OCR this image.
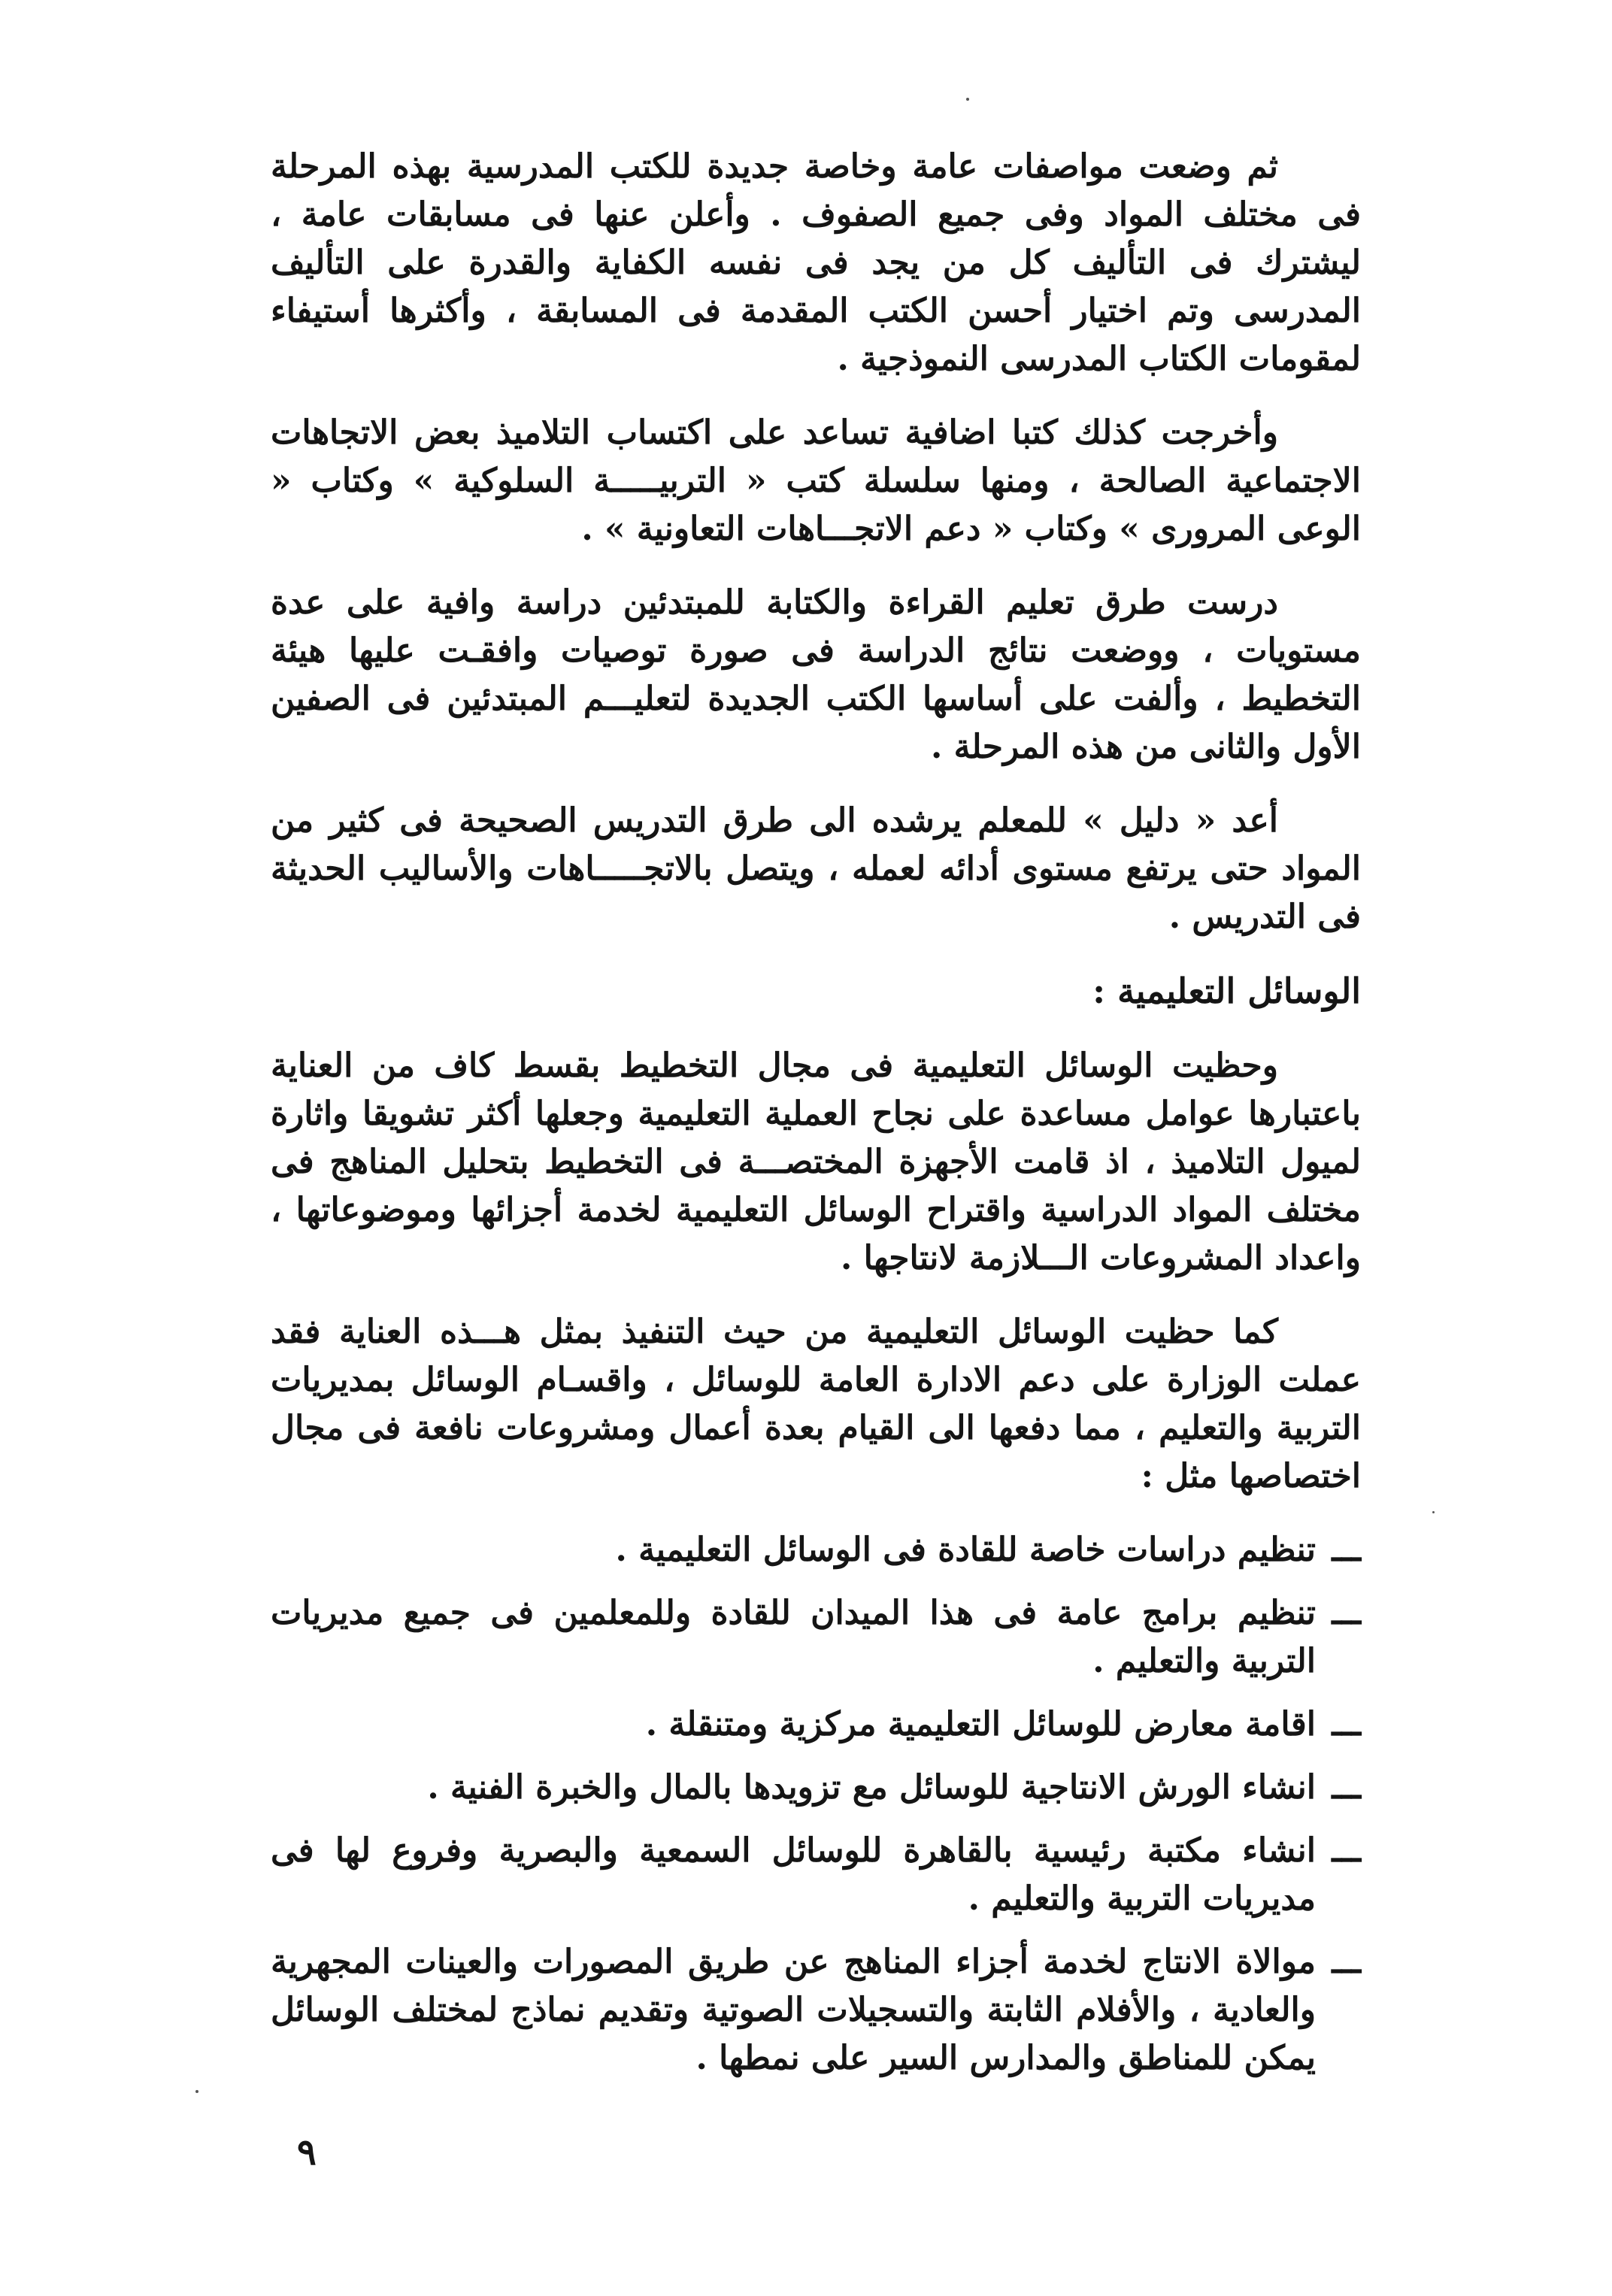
ثم وضعت مواصفات عامة وخاصة جديدة للكتب المدرسية بهذه المرحلة فى مختلف المواد وفى جميع الصفوف . وأعلن عنها فى مسابقات عامة ، ليشترك فى التأليف كل من يجد فى نفسه الكفاية والقدرة على التأليف المدرسى وتم اختيار أحسن الكتب المقدمة فى المسابقة ، وأكثرها أستيفاء لمقومات الكتاب المدرسى النموذجية .

وأخرجت كذلك كتبا اضافية تساعد على اكتساب التلاميذ بعض الاتجاهات الاجتماعية الصالحة ، ومنها سلسلة كتب « التربيـــــة السلوكية » وكتاب « الوعى المرورى » وكتاب « دعم الاتجـــاهات التعاونية » .

درست طرق تعليم القراءة والكتابة للمبتدئين دراسة وافية على عدة مستويات ، ووضعت نتائج الدراسة فى صورة توصيات وافقـت عليها هيئة التخطيط ، وألفت على أساسها الكتب الجديدة لتعليـــم المبتدئين فى الصفين الأول والثانى من هذه المرحلة .

أعد « دليل » للمعلم يرشده الى طرق التدريس الصحيحة فى كثير من المواد حتى يرتفع مستوى أدائه لعمله ، ويتصل بالاتجـــــاهات والأساليب الحديثة فى التدريس .

الوسائل التعليمية :

وحظيت الوسائل التعليمية فى مجال التخطيط بقسط كاف من العناية باعتبارها عوامل مساعدة على نجاح العملية التعليمية وجعلها أكثر تشويقا واثارة لميول التلاميذ ، اذ قامت الأجهزة المختصـــة فى التخطيط بتحليل المناهج فى مختلف المواد الدراسية واقتراح الوسائل التعليمية لخدمة أجزائها وموضوعاتها ، واعداد المشروعات الـــلازمة لانتاجها .

كما حظيت الوسائل التعليمية من حيث التنفيذ بمثل هـــذه العناية فقد عملت الوزارة على دعم الادارة العامة للوسائل ، واقسـام الوسائل بمديريات التربية والتعليم ، مما دفعها الى القيام بعدة أعمال ومشروعات نافعة فى مجال اختصاصها مثل :

ـــ
تنظيم دراسات خاصة للقادة فى الوسائل التعليمية .
ـــ
تنظيم برامج عامة فى هذا الميدان للقادة وللمعلمين فى جميع مديريات التربية والتعليم .
ـــ
اقامة معارض للوسائل التعليمية مركزية ومتنقلة .
ـــ
انشاء الورش الانتاجية للوسائل مع تزويدها بالمال والخبرة الفنية .
ـــ
انشاء مكتبة رئيسية بالقاهرة للوسائل السمعية والبصرية وفروع لها فى مديريات التربية والتعليم .
ـــ
موالاة الانتاج لخدمة أجزاء المناهج عن طريق المصورات والعينات المجهرية والعادية ، والأفلام الثابتة والتسجيلات الصوتية وتقديم نماذج لمختلف الوسائل يمكن للمناطق والمدارس السير على نمطها .
٩
